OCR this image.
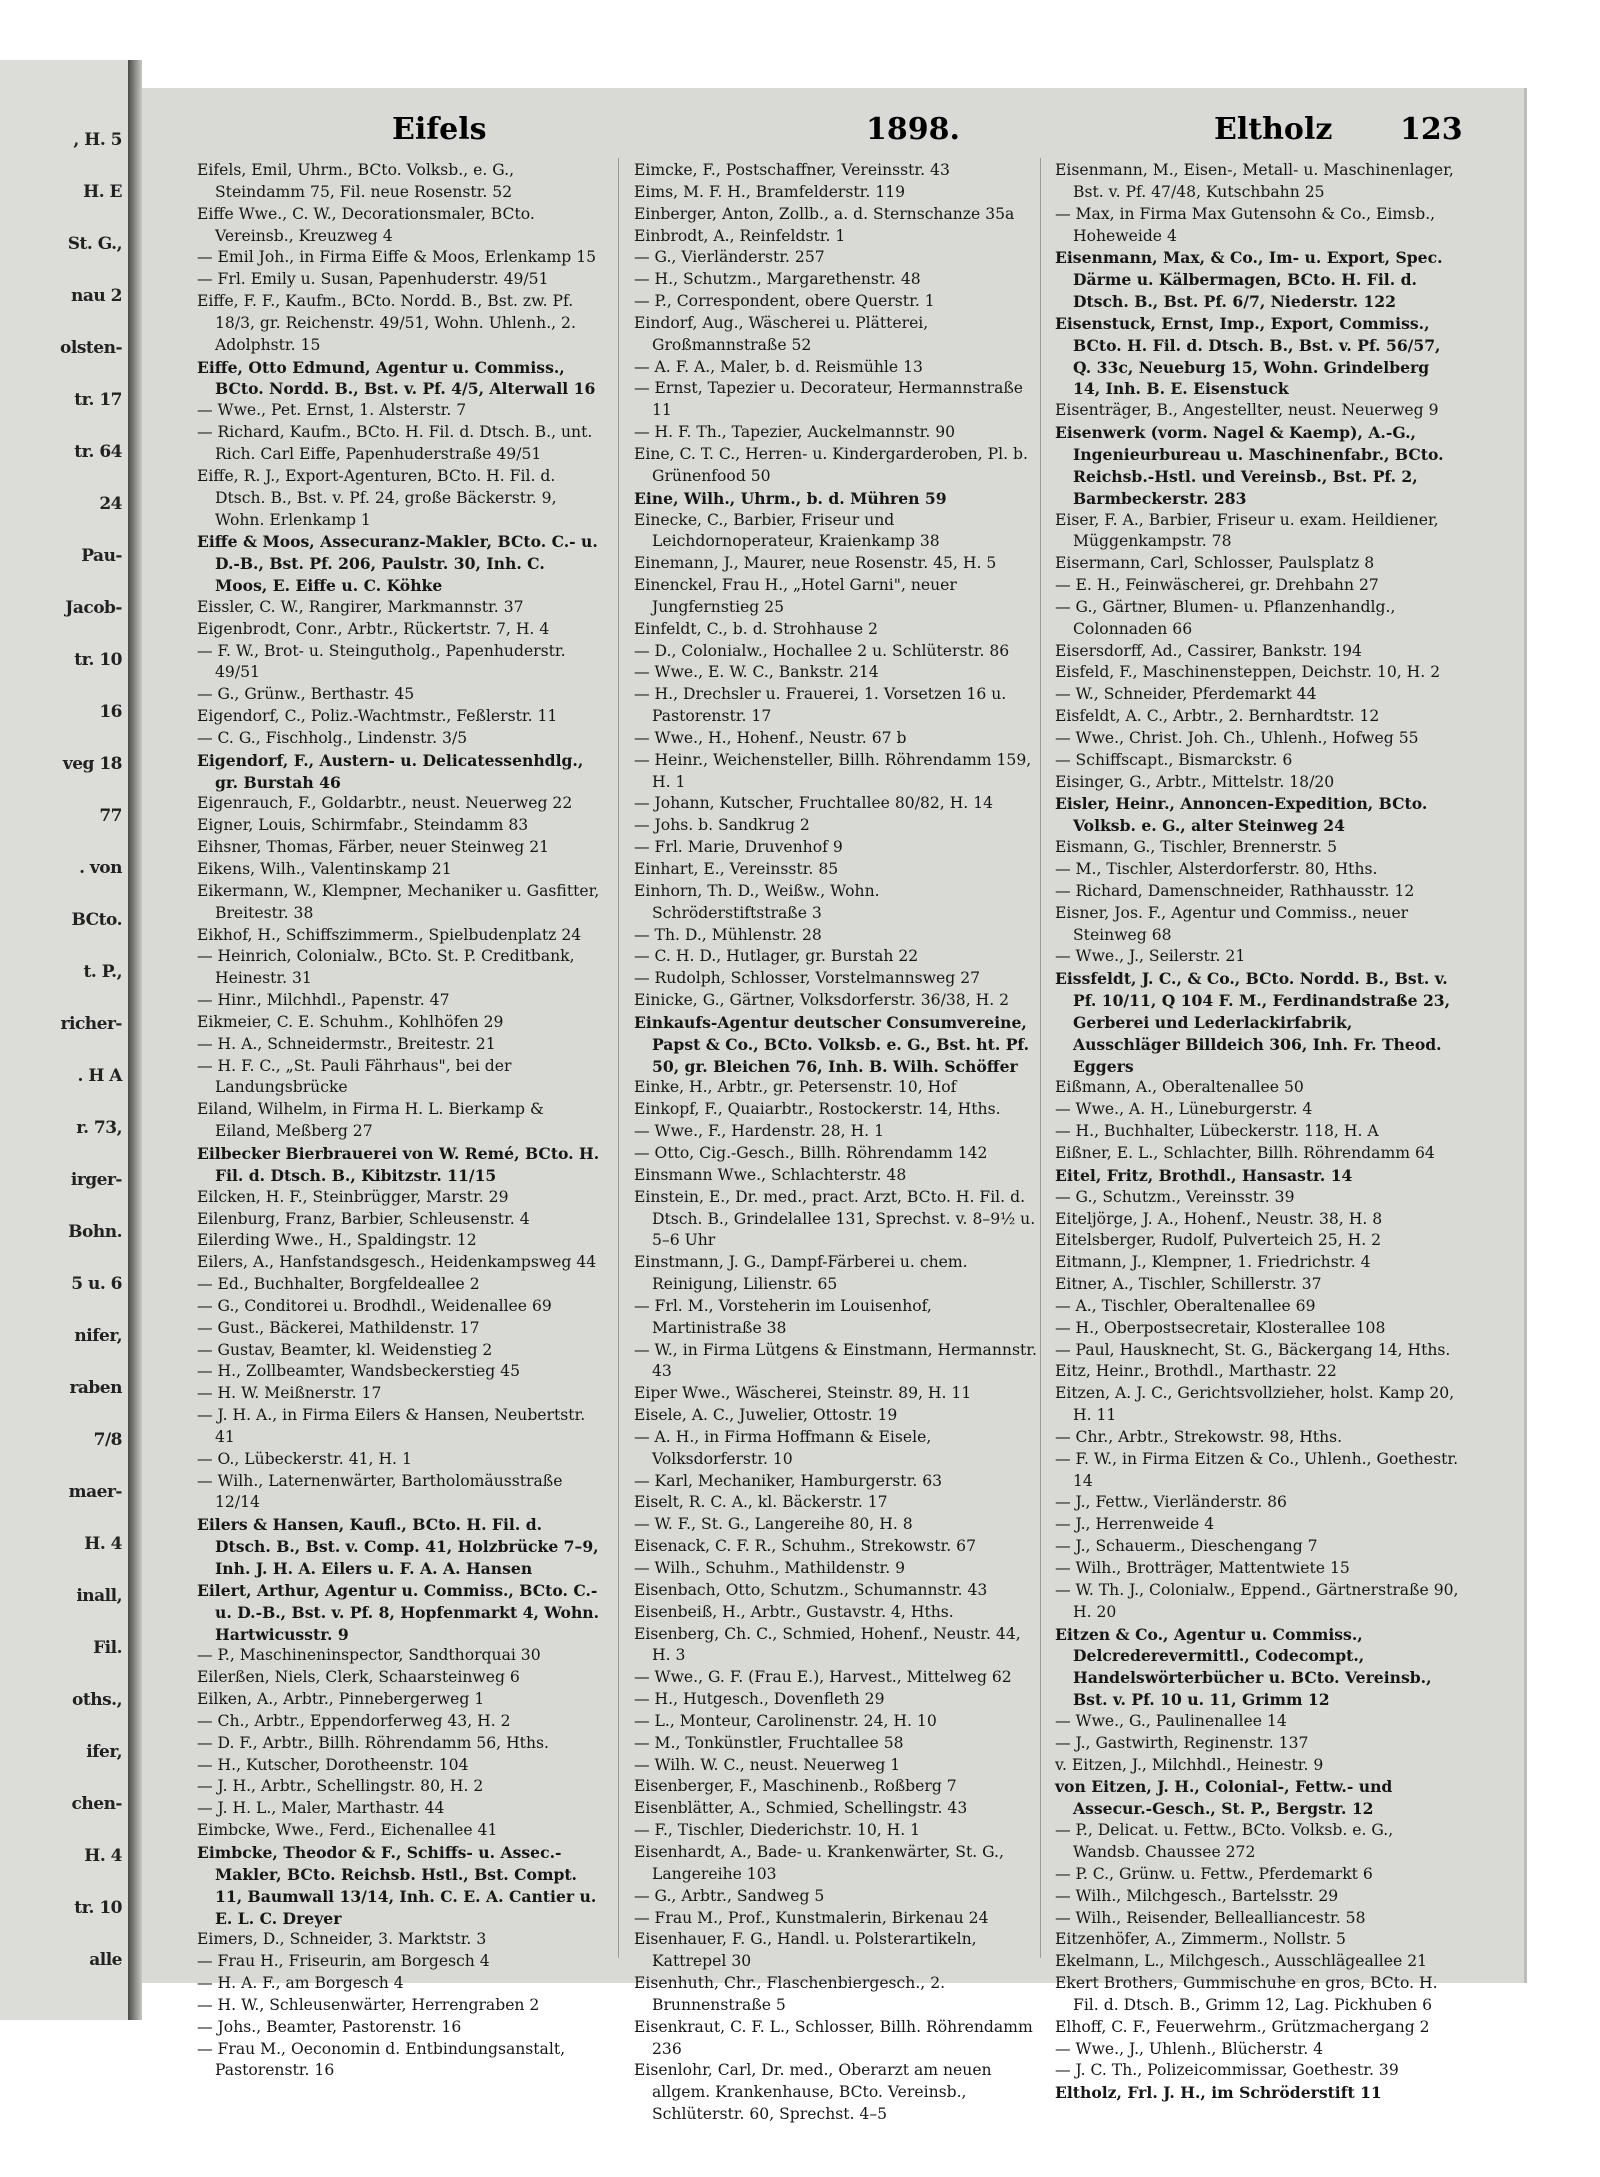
, H. 5
H. E
St. G.,
nau 2
olsten-
tr. 17
tr. 64
24
Pau-
Jacob-
tr. 10
16
veg 18
77
. von
BCto.
t. P.,
richer-
. H A
r. 73,
irger-
Bohn.
5 u. 6
nifer,
raben
7/8
maer-
H. 4
inall,
Fil.
oths.,
ifer,
chen-
H. 4
tr. 10
alle
Eifels	1898.	Eltholz 123

Eifels, Emil, Uhrm., BCto. Volksb., e. G., Steindamm 75, Fil. neue Rosenstr. 52

Eiffe Wwe., C. W., Decorationsmaler, BCto. Vereinsb., Kreuzweg 4

— Emil Joh., in Firma Eiffe & Moos, Erlenkamp 15

— Frl. Emily u. Susan, Papenhuderstr. 49/51

Eiffe, F. F., Kaufm., BCto. Nordd. B., Bst. zw. Pf. 18/3, gr. Reichenstr. 49/51, Wohn. Uhlenh., 2. Adolphstr. 15

Eiffe, Otto Edmund, Agentur u. Commiss., BCto. Nordd. B., Bst. v. Pf. 4/5, Alterwall 16

— Wwe., Pet. Ernst, 1. Alsterstr. 7

— Richard, Kaufm., BCto. H. Fil. d. Dtsch. B., unt. Rich. Carl Eiffe, Papenhuderstraße 49/51

Eiffe, R. J., Export-Agenturen, BCto. H. Fil. d. Dtsch. B., Bst. v. Pf. 24, große Bäckerstr. 9, Wohn. Erlenkamp 1

Eiffe & Moos, Assecuranz-Makler, BCto. C.- u. D.-B., Bst. Pf. 206, Paulstr. 30, Inh. C. Moos, E. Eiffe u. C. Köhke

Eissler, C. W., Rangirer, Markmannstr. 37

Eigenbrodt, Conr., Arbtr., Rückertstr. 7, H. 4

— F. W., Brot- u. Steingutholg., Papenhuderstr. 49/51

— G., Grünw., Berthastr. 45

Eigendorf, C., Poliz.-Wachtmstr., Feßlerstr. 11

— C. G., Fischholg., Lindenstr. 3/5

Eigendorf, F., Austern- u. Delicatessenhdlg., gr. Burstah 46

Eigenrauch, F., Goldarbtr., neust. Neuerweg 22

Eigner, Louis, Schirmfabr., Steindamm 83

Eihsner, Thomas, Färber, neuer Steinweg 21

Eikens, Wilh., Valentinskamp 21

Eikermann, W., Klempner, Mechaniker u. Gasfitter, Breitestr. 38

Eikhof, H., Schiffszimmerm., Spielbudenplatz 24

— Heinrich, Colonialw., BCto. St. P. Creditbank, Heinestr. 31

— Hinr., Milchhdl., Papenstr. 47

Eikmeier, C. E. Schuhm., Kohlhöfen 29

— H. A., Schneidermstr., Breitestr. 21

— H. F. C., „St. Pauli Fährhaus", bei der Landungsbrücke

Eiland, Wilhelm, in Firma H. L. Bierkamp & Eiland, Meßberg 27

Eilbecker Bierbrauerei von W. Remé, BCto. H. Fil. d. Dtsch. B., Kibitzstr. 11/15

Eilcken, H. F., Steinbrügger, Marstr. 29

Eilenburg, Franz, Barbier, Schleusenstr. 4

Eilerding Wwe., H., Spaldingstr. 12

Eilers, A., Hanfstandsgesch., Heidenkampsweg 44

— Ed., Buchhalter, Borgfeldeallee 2

— G., Conditorei u. Brodhdl., Weidenallee 69

— Gust., Bäckerei, Mathildenstr. 17

— Gustav, Beamter, kl. Weidenstieg 2

— H., Zollbeamter, Wandsbeckerstieg 45

— H. W. Meißnerstr. 17

— J. H. A., in Firma Eilers & Hansen, Neubertstr. 41

— O., Lübeckerstr. 41, H. 1

— Wilh., Laternenwärter, Bartholomäusstraße 12/14

Eilers & Hansen, Kaufl., BCto. H. Fil. d. Dtsch. B., Bst. v. Comp. 41, Holzbrücke 7–9, Inh. J. H. A. Eilers u. F. A. A. Hansen

Eilert, Arthur, Agentur u. Commiss., BCto. C.- u. D.-B., Bst. v. Pf. 8, Hopfenmarkt 4, Wohn. Hartwicusstr. 9

— P., Maschineninspector, Sandthorquai 30

Eilerßen, Niels, Clerk, Schaarsteinweg 6

Eilken, A., Arbtr., Pinnebergerweg 1

— Ch., Arbtr., Eppendorferweg 43, H. 2

— D. F., Arbtr., Billh. Röhrendamm 56, Hths.

— H., Kutscher, Dorotheenstr. 104

— J. H., Arbtr., Schellingstr. 80, H. 2

— J. H. L., Maler, Marthastr. 44

Eimbcke, Wwe., Ferd., Eichenallee 41

Eimbcke, Theodor & F., Schiffs- u. Assec.-Makler, BCto. Reichsb. Hstl., Bst. Compt. 11, Baumwall 13/14, Inh. C. E. A. Cantier u. E. L. C. Dreyer

Eimers, D., Schneider, 3. Marktstr. 3

— Frau H., Friseurin, am Borgesch 4

— H. A. F., am Borgesch 4

— H. W., Schleusenwärter, Herrengraben 2

— Johs., Beamter, Pastorenstr. 16

— Frau M., Oeconomin d. Entbindungsanstalt, Pastorenstr. 16

Eimcke, F., Postschaffner, Vereinsstr. 43

Eims, M. F. H., Bramfelderstr. 119

Einberger, Anton, Zollb., a. d. Sternschanze 35a

Einbrodt, A., Reinfeldstr. 1

— G., Vierländerstr. 257

— H., Schutzm., Margarethenstr. 48

— P., Correspondent, obere Querstr. 1

Eindorf, Aug., Wäscherei u. Plätterei, Großmannstraße 52

— A. F. A., Maler, b. d. Reismühle 13

— Ernst, Tapezier u. Decorateur, Hermannstraße 11

— H. F. Th., Tapezier, Auckelmannstr. 90

Eine, C. T. C., Herren- u. Kindergarderoben, Pl. b. Grünenfood 50

Eine, Wilh., Uhrm., b. d. Mühren 59

Einecke, C., Barbier, Friseur und Leichdornoperateur, Kraienkamp 38

Einemann, J., Maurer, neue Rosenstr. 45, H. 5

Einenckel, Frau H., „Hotel Garni", neuer Jungfernstieg 25

Einfeldt, C., b. d. Strohhause 2

— D., Colonialw., Hochallee 2 u. Schlüterstr. 86

— Wwe., E. W. C., Bankstr. 214

— H., Drechsler u. Frauerei, 1. Vorsetzen 16 u. Pastorenstr. 17

— Wwe., H., Hohenf., Neustr. 67 b

— Heinr., Weichensteller, Billh. Röhrendamm 159, H. 1

— Johann, Kutscher, Fruchtallee 80/82, H. 14

— Johs. b. Sandkrug 2

— Frl. Marie, Druvenhof 9

Einhart, E., Vereinsstr. 85

Einhorn, Th. D., Weißw., Wohn. Schröderstiftstraße 3

— Th. D., Mühlenstr. 28

— C. H. D., Hutlager, gr. Burstah 22

— Rudolph, Schlosser, Vorstelmannsweg 27

Einicke, G., Gärtner, Volksdorferstr. 36/38, H. 2

Einkaufs-Agentur deutscher Consumvereine, Papst & Co., BCto. Volksb. e. G., Bst. ht. Pf. 50, gr. Bleichen 76, Inh. B. Wilh. Schöffer

Einke, H., Arbtr., gr. Petersenstr. 10, Hof

Einkopf, F., Quaiarbtr., Rostockerstr. 14, Hths.

— Wwe., F., Hardenstr. 28, H. 1

— Otto, Cig.-Gesch., Billh. Röhrendamm 142

Einsmann Wwe., Schlachterstr. 48

Einstein, E., Dr. med., pract. Arzt, BCto. H. Fil. d. Dtsch. B., Grindelallee 131, Sprechst. v. 8–9½ u. 5–6 Uhr

Einstmann, J. G., Dampf-Färberei u. chem. Reinigung, Lilienstr. 65

— Frl. M., Vorsteherin im Louisenhof, Martinistraße 38

— W., in Firma Lütgens & Einstmann, Hermannstr. 43

Eiper Wwe., Wäscherei, Steinstr. 89, H. 11

Eisele, A. C., Juwelier, Ottostr. 19

— A. H., in Firma Hoffmann & Eisele, Volksdorferstr. 10

— Karl, Mechaniker, Hamburgerstr. 63

Eiselt, R. C. A., kl. Bäckerstr. 17

— W. F., St. G., Langereihe 80, H. 8

Eisenack, C. F. R., Schuhm., Strekowstr. 67

— Wilh., Schuhm., Mathildenstr. 9

Eisenbach, Otto, Schutzm., Schumannstr. 43

Eisenbeiß, H., Arbtr., Gustavstr. 4, Hths.

Eisenberg, Ch. C., Schmied, Hohenf., Neustr. 44, H. 3

— Wwe., G. F. (Frau E.), Harvest., Mittelweg 62

— H., Hutgesch., Dovenfleth 29

— L., Monteur, Carolinenstr. 24, H. 10

— M., Tonkünstler, Fruchtallee 58

— Wilh. W. C., neust. Neuerweg 1

Eisenberger, F., Maschinenb., Roßberg 7

Eisenblätter, A., Schmied, Schellingstr. 43

— F., Tischler, Diederichstr. 10, H. 1

Eisenhardt, A., Bade- u. Krankenwärter, St. G., Langereihe 103

— G., Arbtr., Sandweg 5

— Frau M., Prof., Kunstmalerin, Birkenau 24

Eisenhauer, F. G., Handl. u. Polsterartikeln, Kattrepel 30

Eisenhuth, Chr., Flaschenbiergesch., 2. Brunnenstraße 5

Eisenkraut, C. F. L., Schlosser, Billh. Röhrendamm 236

Eisenlohr, Carl, Dr. med., Oberarzt am neuen allgem. Krankenhause, BCto. Vereinsb., Schlüterstr. 60, Sprechst. 4–5

Eisenmann, M., Eisen-, Metall- u. Maschinenlager, Bst. v. Pf. 47/48, Kutschbahn 25

— Max, in Firma Max Gutensohn & Co., Eimsb., Hoheweide 4

Eisenmann, Max, & Co., Im- u. Export, Spec. Därme u. Kälbermagen, BCto. H. Fil. d. Dtsch. B., Bst. Pf. 6/7, Niederstr. 122

Eisenstuck, Ernst, Imp., Export, Commiss., BCto. H. Fil. d. Dtsch. B., Bst. v. Pf. 56/57, Q. 33c, Neueburg 15, Wohn. Grindelberg 14, Inh. B. E. Eisenstuck

Eisenträger, B., Angestellter, neust. Neuerweg 9

Eisenwerk (vorm. Nagel & Kaemp), A.-G., Ingenieurbureau u. Maschinenfabr., BCto. Reichsb.-Hstl. und Vereinsb., Bst. Pf. 2, Barmbeckerstr. 283

Eiser, F. A., Barbier, Friseur u. exam. Heildiener, Müggenkampstr. 78

Eisermann, Carl, Schlosser, Paulsplatz 8

— E. H., Feinwäscherei, gr. Drehbahn 27

— G., Gärtner, Blumen- u. Pflanzenhandlg., Colonnaden 66

Eisersdorff, Ad., Cassirer, Bankstr. 194

Eisfeld, F., Maschinensteppen, Deichstr. 10, H. 2

— W., Schneider, Pferdemarkt 44

Eisfeldt, A. C., Arbtr., 2. Bernhardtstr. 12

— Wwe., Christ. Joh. Ch., Uhlenh., Hofweg 55

— Schiffscapt., Bismarckstr. 6

Eisinger, G., Arbtr., Mittelstr. 18/20

Eisler, Heinr., Annoncen-Expedition, BCto. Volksb. e. G., alter Steinweg 24

Eismann, G., Tischler, Brennerstr. 5

— M., Tischler, Alsterdorferstr. 80, Hths.

— Richard, Damenschneider, Rathhausstr. 12

Eisner, Jos. F., Agentur und Commiss., neuer Steinweg 68

— Wwe., J., Seilerstr. 21

Eissfeldt, J. C., & Co., BCto. Nordd. B., Bst. v. Pf. 10/11, Q 104 F. M., Ferdinandstraße 23, Gerberei und Lederlackirfabrik, Ausschläger Billdeich 306, Inh. Fr. Theod. Eggers

Eißmann, A., Oberaltenallee 50

— Wwe., A. H., Lüneburgerstr. 4

— H., Buchhalter, Lübeckerstr. 118, H. A

Eißner, E. L., Schlachter, Billh. Röhrendamm 64

Eitel, Fritz, Brothdl., Hansastr. 14

— G., Schutzm., Vereinsstr. 39

Eiteljörge, J. A., Hohenf., Neustr. 38, H. 8

Eitelsberger, Rudolf, Pulverteich 25, H. 2

Eitmann, J., Klempner, 1. Friedrichstr. 4

Eitner, A., Tischler, Schillerstr. 37

— A., Tischler, Oberaltenallee 69

— H., Oberpostsecretair, Klosterallee 108

— Paul, Hausknecht, St. G., Bäckergang 14, Hths.

Eitz, Heinr., Brothdl., Marthastr. 22

Eitzen, A. J. C., Gerichtsvollzieher, holst. Kamp 20, H. 11

— Chr., Arbtr., Strekowstr. 98, Hths.

— F. W., in Firma Eitzen & Co., Uhlenh., Goethestr. 14

— J., Fettw., Vierländerstr. 86

— J., Herrenweide 4

— J., Schauerm., Dieschengang 7

— Wilh., Brotträger, Mattentwiete 15

— W. Th. J., Colonialw., Eppend., Gärtnerstraße 90, H. 20

Eitzen & Co., Agentur u. Commiss., Delcrederevermittl., Codecompt., Handelswörterbücher u. BCto. Vereinsb., Bst. v. Pf. 10 u. 11, Grimm 12

— Wwe., G., Paulinenallee 14

— J., Gastwirth, Reginenstr. 137

v. Eitzen, J., Milchhdl., Heinestr. 9

von Eitzen, J. H., Colonial-, Fettw.- und Assecur.-Gesch., St. P., Bergstr. 12

— P., Delicat. u. Fettw., BCto. Volksb. e. G., Wandsb. Chaussee 272

— P. C., Grünw. u. Fettw., Pferdemarkt 6

— Wilh., Milchgesch., Bartelsstr. 29

— Wilh., Reisender, Bellealliancestr. 58

Eitzenhöfer, A., Zimmerm., Nollstr. 5

Ekelmann, L., Milchgesch., Ausschlägeallee 21

Ekert Brothers, Gummischuhe en gros, BCto. H. Fil. d. Dtsch. B., Grimm 12, Lag. Pickhuben 6

Elhoff, C. F., Feuerwehrm., Grützmachergang 2

— Wwe., J., Uhlenh., Blücherstr. 4

— J. C. Th., Polizeicommissar, Goethestr. 39

Eltholz, Frl. J. H., im Schröderstift 11
